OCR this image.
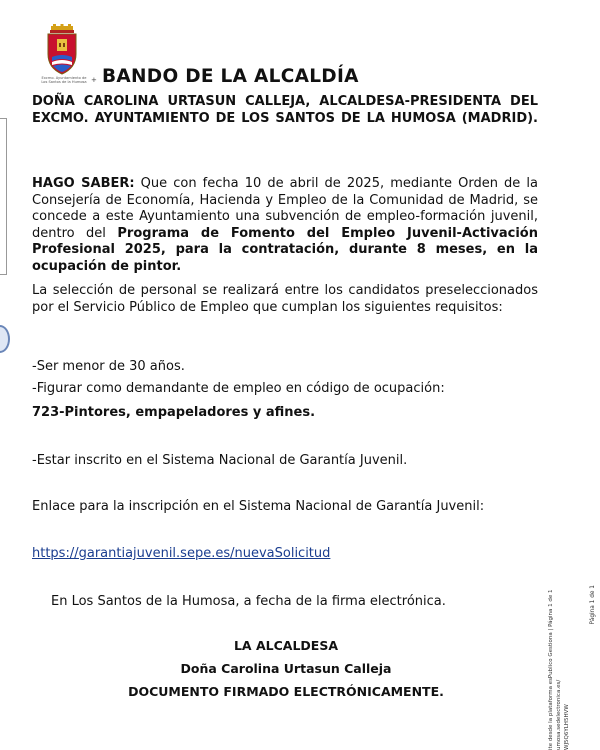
Excmo. Ayuntamiento de
Los Santos de la Humosa + BANDO DE LA ALCALDÍA
DOÑA CAROLINA URTASUN CALLEJA, ALCALDESA-PRESIDENTA DEL EXCMO. AYUNTAMIENTO DE LOS SANTOS DE LA HUMOSA (MADRID).
HAGO SABER: Que con fecha 10 de abril de 2025, mediante Orden de la Consejería de Economía, Hacienda y Empleo de la Comunidad de Madrid, se concede a este Ayuntamiento una subvención de empleo-formación juvenil, dentro del Programa de Fomento del Empleo Juvenil-Activación Profesional 2025, para la contratación, durante 8 meses, en la ocupación de pintor.
La selección de personal se realizará entre los candidatos preseleccionados por el Servicio Público de Empleo que cumplan los siguientes requisitos:
-Ser menor de 30 años.
-Figurar como demandante de empleo en código de ocupación:
723-Pintores, empapeladores y afines.
-Estar inscrito en el Sistema Nacional de Garantía Juvenil.
Enlace para la inscripción en el Sistema Nacional de Garantía Juvenil:
https://garantiajuvenil.sepe.es/nuevaSolicitud
En Los Santos de la Humosa, a fecha de la firma electrónica.
LA ALCALDESA
Doña Carolina Urtasun Calleja
DOCUMENTO FIRMADO ELECTRÓNICAMENTE.
Página 1 de 1
ite desde la plataforma esPublico Gestiona | Página 1 de 1 umosa.sedelectronica.es/ WJ5Q6YLH5HVW
